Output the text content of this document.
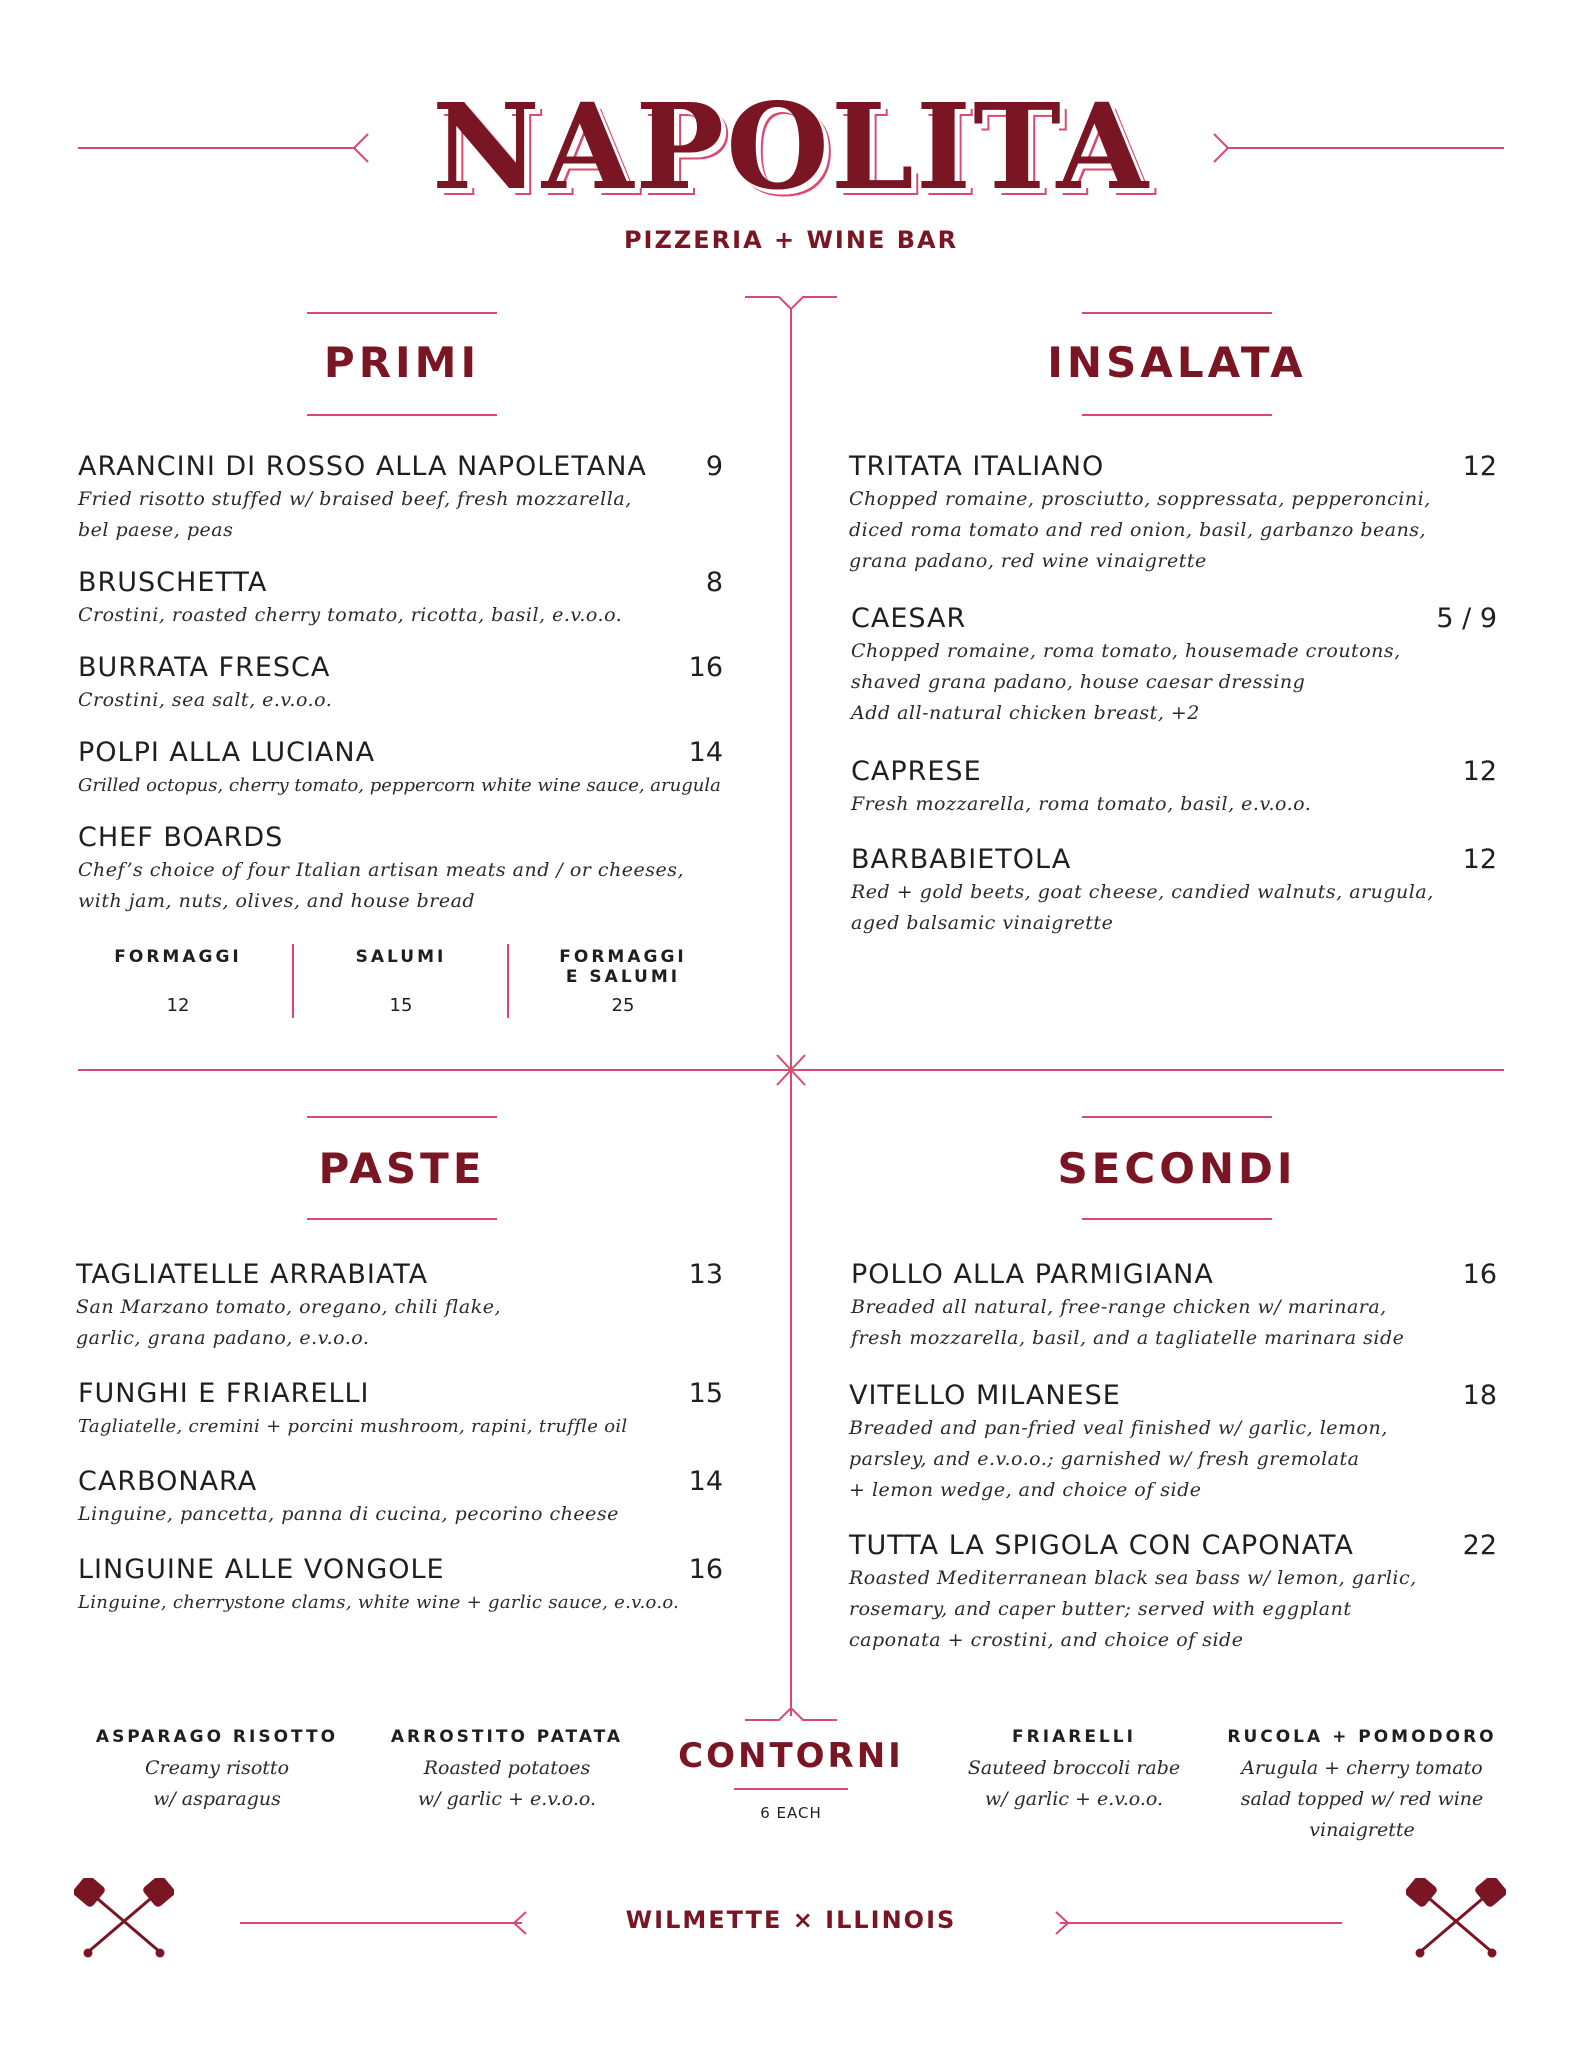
NAPOLITA
PIZZERIA + WINE BAR
PRIMI	INSALATA
PASTE	SECONDI
ARANCINI DI ROSSO ALLA NAPOLETANA	9
Fried risotto stuffed w/ braised beef, fresh mozzarella,
bel paese, peas
BRUSCHETTA	8
Crostini, roasted cherry tomato, ricotta, basil, e.v.o.o.
BURRATA FRESCA	16
Crostini, sea salt, e.v.o.o.
POLPI ALLA LUCIANA	14
Grilled octopus, cherry tomato, peppercorn white wine sauce, arugula
CHEF BOARDS
Chef’s choice of four Italian artisan meats and / or cheeses,
with jam, nuts, olives, and house bread
FORMAGGI
12
SALUMI
15
FORMAGGI
E SALUMI
25
TRITATA ITALIANO	12
Chopped romaine, prosciutto, soppressata, pepperoncini,
diced roma tomato and red onion, basil, garbanzo beans,
grana padano, red wine vinaigrette
CAESAR	5 / 9
Chopped romaine, roma tomato, housemade croutons,
shaved grana padano, house caesar dressing
Add all-natural chicken breast, +2
CAPRESE	12
Fresh mozzarella, roma tomato, basil, e.v.o.o.
BARBABIETOLA	12
Red + gold beets, goat cheese, candied walnuts, arugula,
aged balsamic vinaigrette
TAGLIATELLE ARRABIATA	13
San Marzano tomato, oregano, chili flake,
garlic, grana padano, e.v.o.o.
FUNGHI E FRIARELLI	15
Tagliatelle, cremini + porcini mushroom, rapini, truffle oil
CARBONARA	14
Linguine, pancetta, panna di cucina, pecorino cheese
LINGUINE ALLE VONGOLE	16
Linguine, cherrystone clams, white wine + garlic sauce, e.v.o.o.
POLLO ALLA PARMIGIANA	16
Breaded all natural, free-range chicken w/ marinara,
fresh mozzarella, basil, and a tagliatelle marinara side
VITELLO MILANESE	18
Breaded and pan-fried veal finished w/ garlic, lemon,
parsley, and e.v.o.o.; garnished w/ fresh gremolata
+ lemon wedge, and choice of side
TUTTA LA SPIGOLA CON CAPONATA	22
Roasted Mediterranean black sea bass w/ lemon, garlic,
rosemary, and caper butter; served with eggplant
caponata + crostini, and choice of side
ASPARAGO RISOTTO
Creamy risotto
w/ asparagus
ARROSTITO PATATA
Roasted potatoes
w/ garlic + e.v.o.o.
CONTORNI
6 EACH
FRIARELLI
Sauteed broccoli rabe
w/ garlic + e.v.o.o.
RUCOLA + POMODORO
Arugula + cherry tomato
salad topped w/ red wine
vinaigrette
WILMETTE × ILLINOIS
